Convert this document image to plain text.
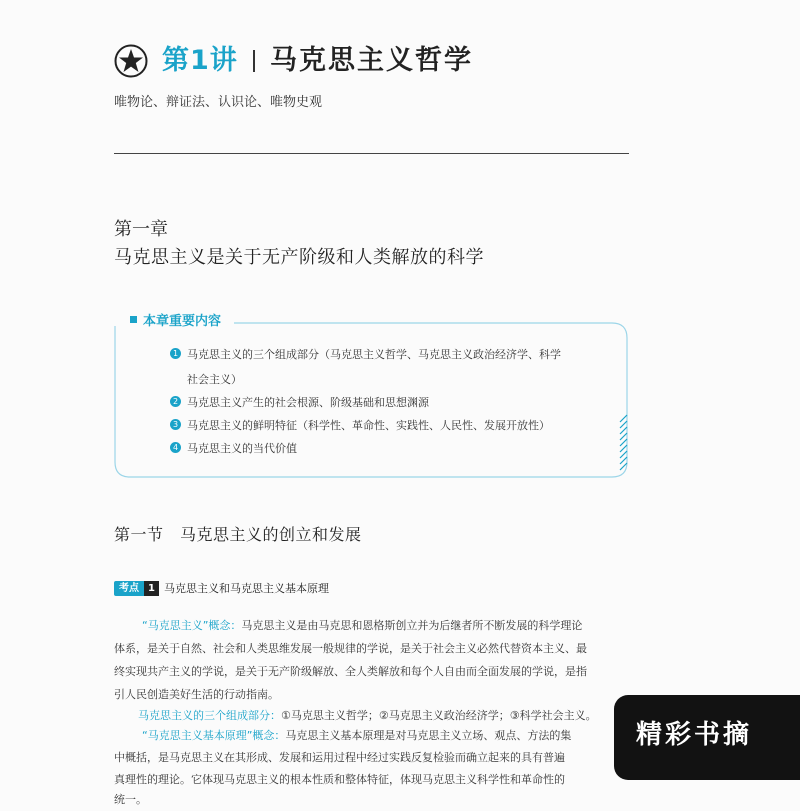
第1讲 马克思主义哲学
唯物论、辩证法、认识论、唯物史观
第一章
马克思主义是关于无产阶级和人类解放的科学
本章重要内容
1 马克思主义的三个组成部分（马克思主义哲学、马克思主义政治经济学、科学
社会主义）
2 马克思主义产生的社会根源、阶级基础和思想渊源
3 马克思主义的鲜明特征（科学性、革命性、实践性、人民性、发展开放性）
4 马克思主义的当代价值
第一节　马克思主义的创立和发展
考点 1 马克思主义和马克思主义基本原理
“马克思主义”概念：马克思主义是由马克思和恩格斯创立并为后继者所不断发展的科学理论
体系，是关于自然、社会和人类思维发展一般规律的学说，是关于社会主义必然代替资本主义、最
终实现共产主义的学说，是关于无产阶级解放、全人类解放和每个人自由而全面发展的学说，是指
引人民创造美好生活的行动指南。
马克思主义的三个组成部分：①马克思主义哲学；②马克思主义政治经济学；③科学社会主义。
“马克思主义基本原理”概念：马克思主义基本原理是对马克思主义立场、观点、方法的集
中概括，是马克思主义在其形成、发展和运用过程中经过实践反复检验而确立起来的具有普遍
真理性的理论。它体现马克思主义的根本性质和整体特征，体现马克思主义科学性和革命性的
统一。
精彩书摘
